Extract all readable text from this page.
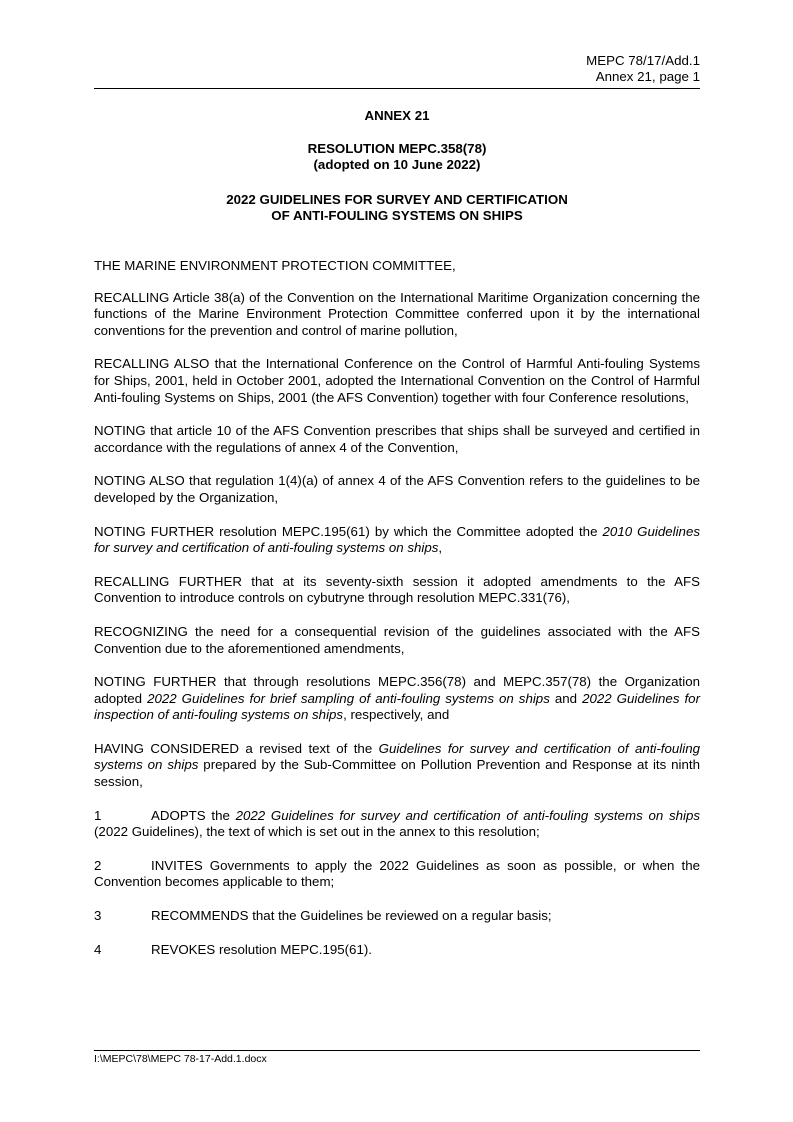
MEPC 78/17/Add.1
Annex 21, page 1
ANNEX 21
RESOLUTION MEPC.358(78)
(adopted on 10 June 2022)
2022 GUIDELINES FOR SURVEY AND CERTIFICATION
OF ANTI-FOULING SYSTEMS ON SHIPS

THE MARINE ENVIRONMENT PROTECTION COMMITTEE,

RECALLING Article 38(a) of the Convention on the International Maritime Organization concerning the functions of the Marine Environment Protection Committee conferred upon it by the international conventions for the prevention and control of marine pollution,

RECALLING ALSO that the International Conference on the Control of Harmful Anti-fouling Systems for Ships, 2001, held in October 2001, adopted the International Convention on the Control of Harmful Anti-fouling Systems on Ships, 2001 (the AFS Convention) together with four Conference resolutions,

NOTING that article 10 of the AFS Convention prescribes that ships shall be surveyed and certified in accordance with the regulations of annex 4 of the Convention,

NOTING ALSO that regulation 1(4)(a) of annex 4 of the AFS Convention refers to the guidelines to be developed by the Organization,

NOTING FURTHER resolution MEPC.195(61) by which the Committee adopted the 2010 Guidelines for survey and certification of anti-fouling systems on ships,

RECALLING FURTHER that at its seventy-sixth session it adopted amendments to the AFS Convention to introduce controls on cybutryne through resolution MEPC.331(76),

RECOGNIZING the need for a consequential revision of the guidelines associated with the AFS Convention due to the aforementioned amendments,

NOTING FURTHER that through resolutions MEPC.356(78) and MEPC.357(78) the Organization adopted 2022 Guidelines for brief sampling of anti-fouling systems on ships and 2022 Guidelines for inspection of anti-fouling systems on ships, respectively, and

HAVING CONSIDERED a revised text of the Guidelines for survey and certification of anti-fouling systems on ships prepared by the Sub-Committee on Pollution Prevention and Response at its ninth session,

1	ADOPTS the 2022 Guidelines for survey and certification of anti-fouling systems on ships (2022 Guidelines), the text of which is set out in the annex to this resolution;

2	INVITES Governments to apply the 2022 Guidelines as soon as possible, or when the Convention becomes applicable to them;

3	RECOMMENDS that the Guidelines be reviewed on a regular basis;

4	REVOKES resolution MEPC.195(61).

I:\MEPC\78\MEPC 78-17-Add.1.docx
